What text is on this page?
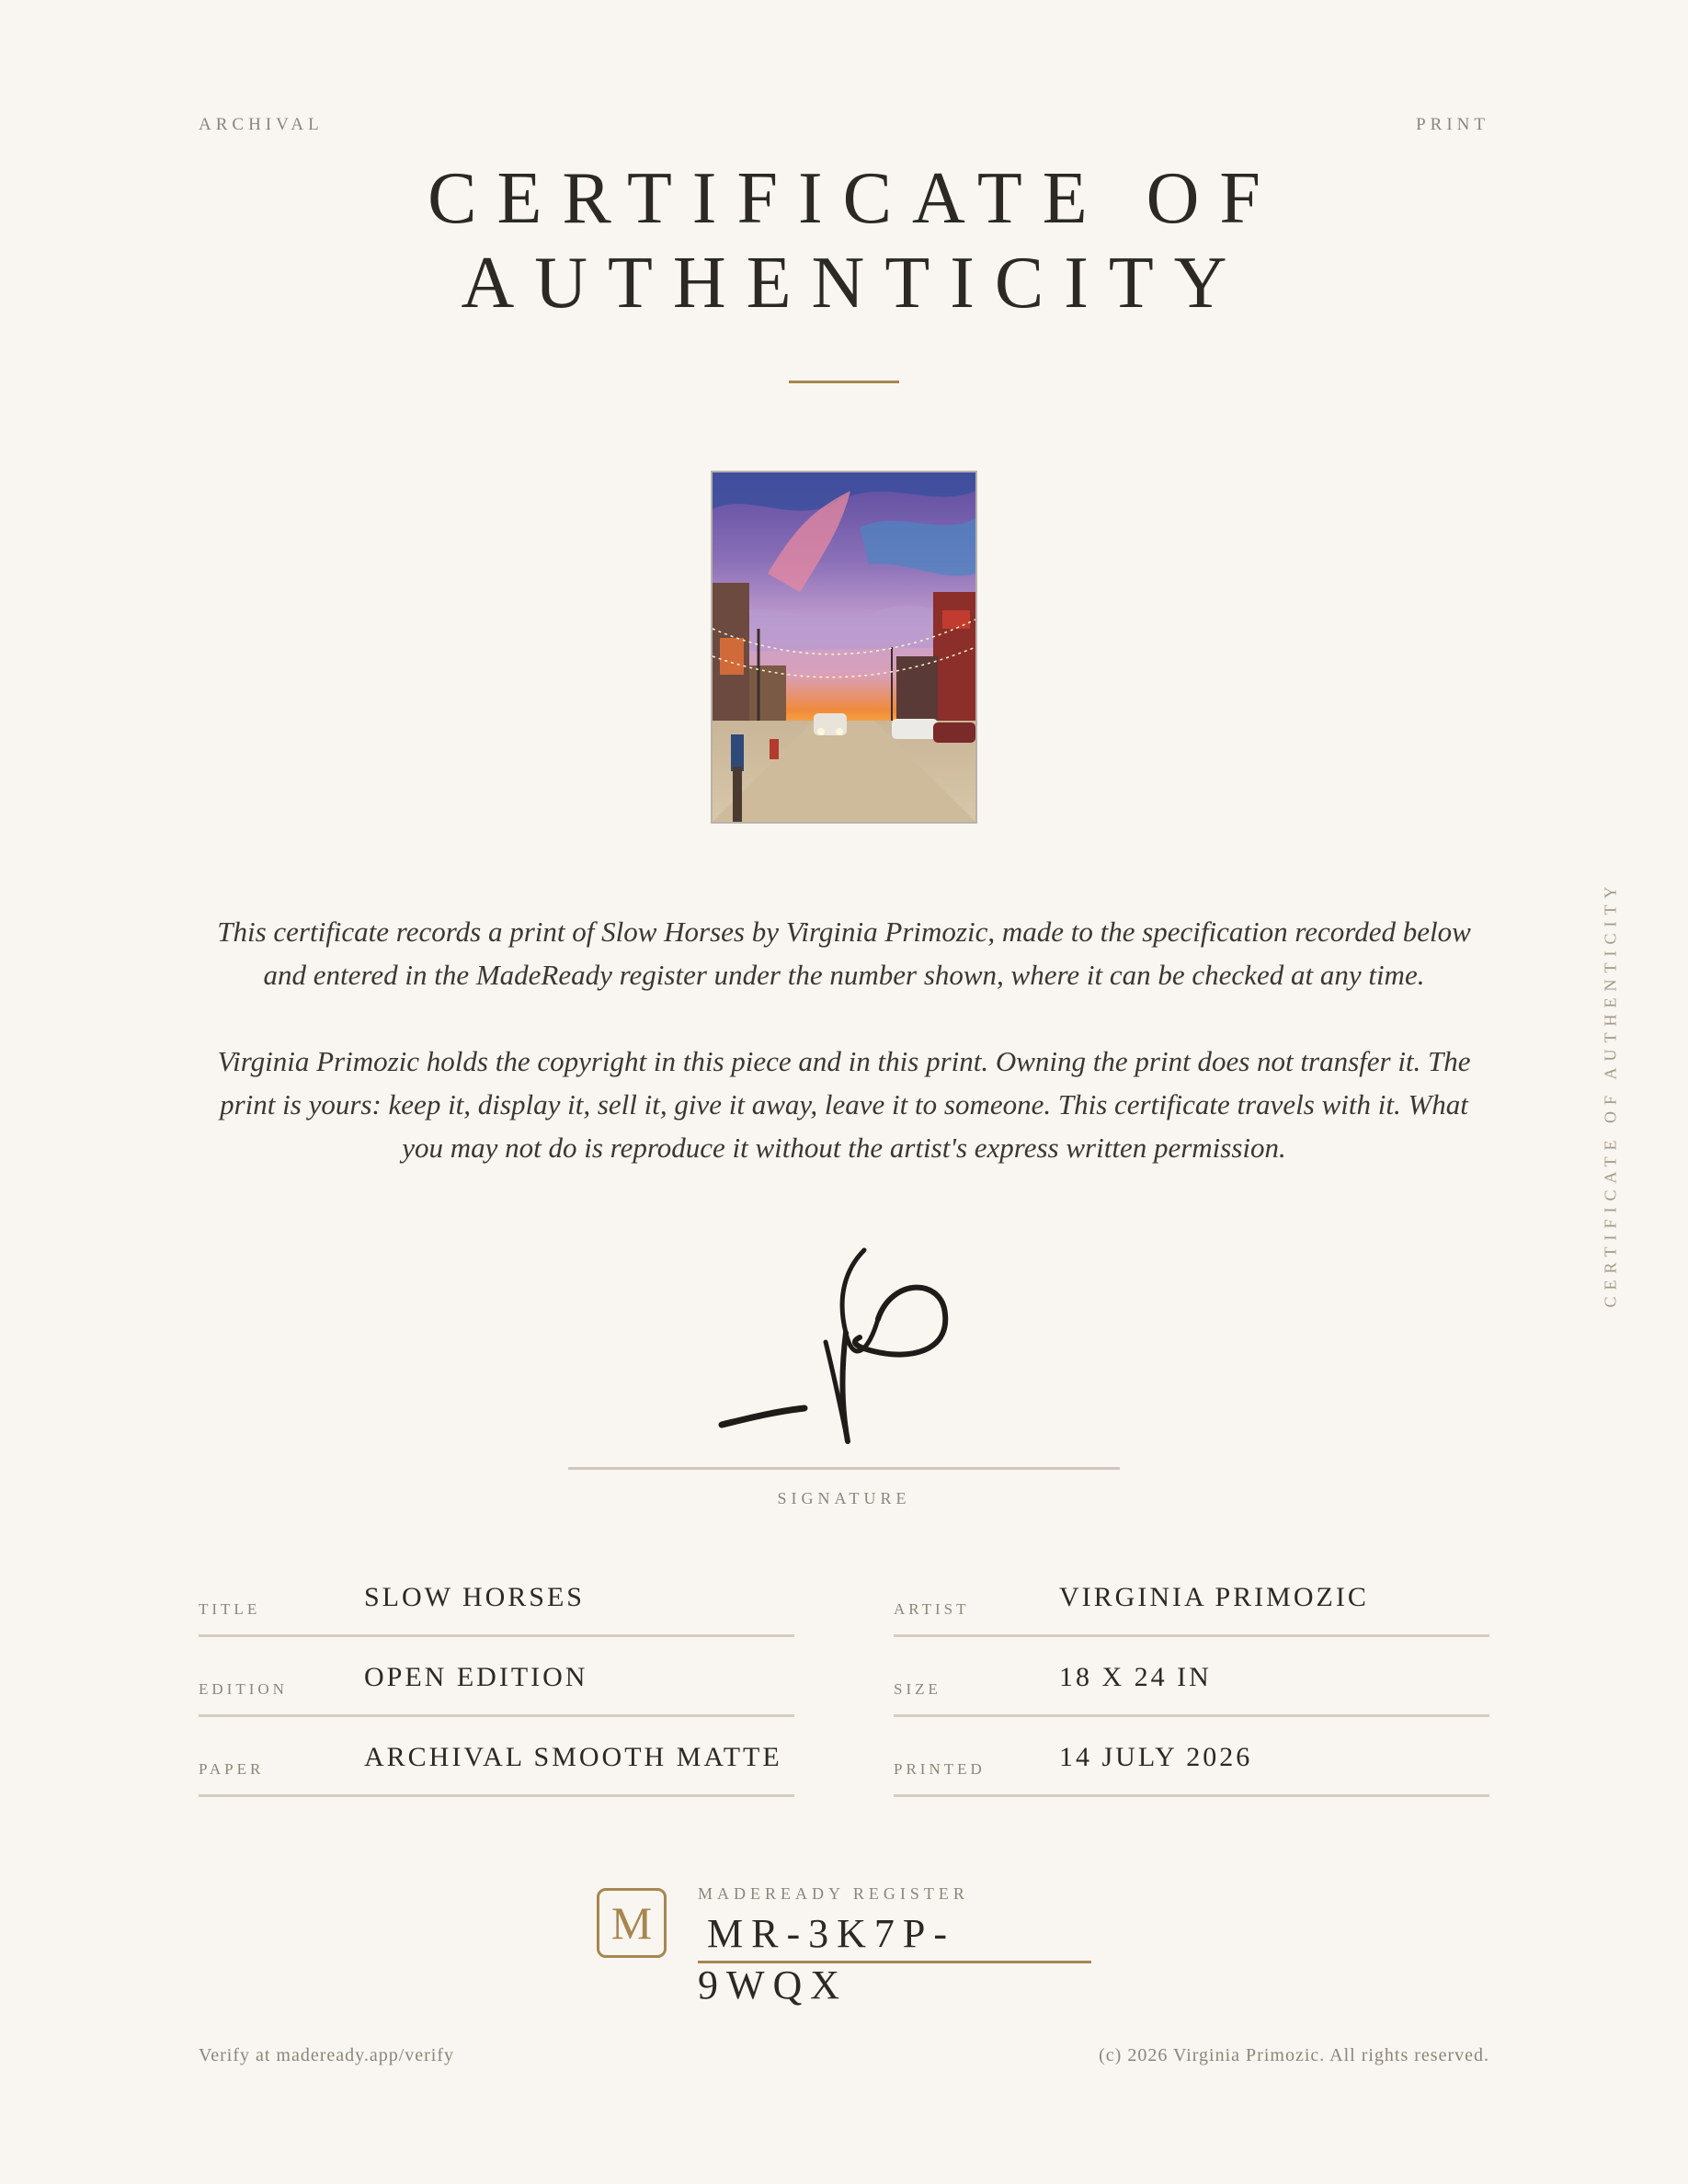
ARCHIVAL	PRINT
CERTIFICATE OF
AUTHENTICITY

This certificate records a print of Slow Horses by Virginia Primozic, made to the specification recorded below and entered in the MadeReady register under the number shown, where it can be checked at any time.

Virginia Primozic holds the copyright in this piece and in this print. Owning the print does not transfer it. The print is yours: keep it, display it, sell it, give it away, leave it to someone. This certificate travels with it. What you may not do is reproduce it without the artist's express written permission.

SIGNATURE
TITLE	SLOW HORSES	ARTIST	VIRGINIA PRIMOZIC
EDITION	OPEN EDITION	SIZE	18 X 24 IN
PAPER	ARCHIVAL SMOOTH MATTE	PRINTED	14 JULY 2026
CERTIFICATE OF AUTHENTICITY
M
MADEREADY REGISTER
MR-3K7P-9WQX
Verify at madeready.app/verify	(c) 2026 Virginia Primozic. All rights reserved.
